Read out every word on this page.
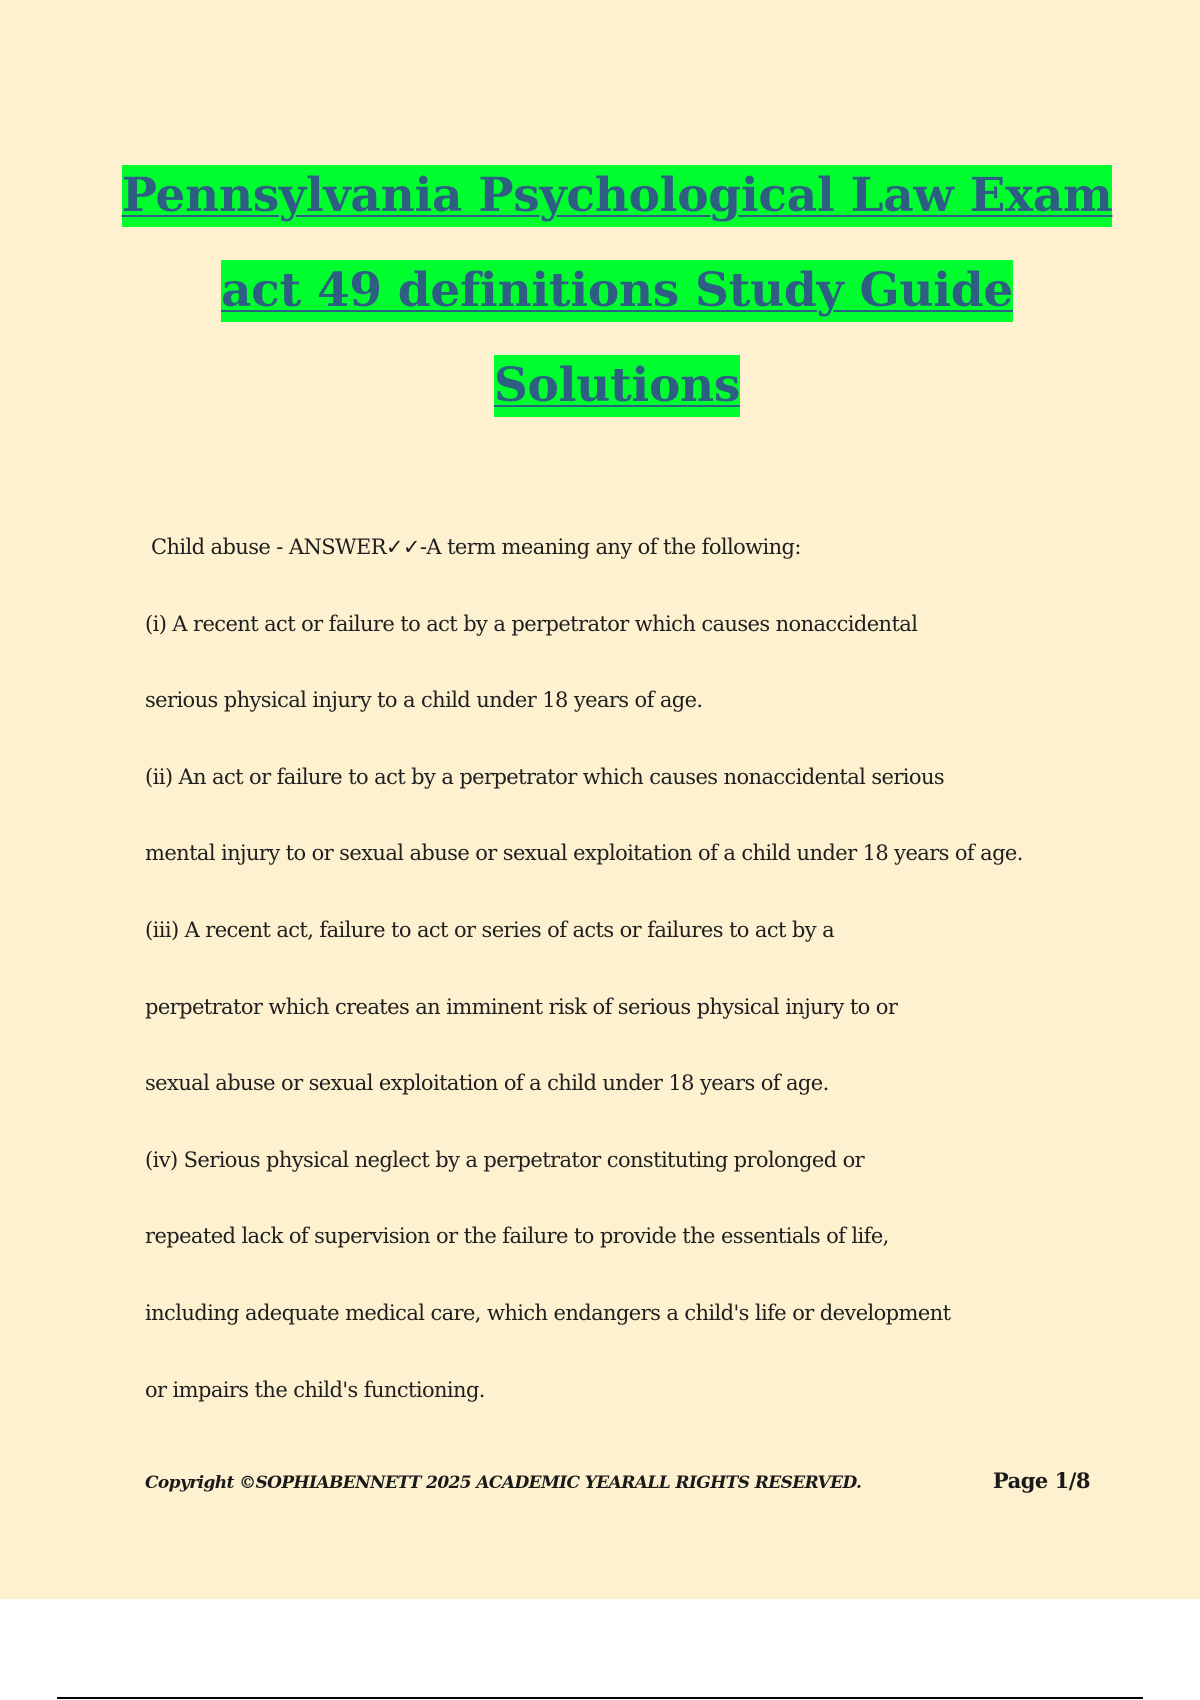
Pennsylvania Psychological Law Exam
act 49 definitions Study Guide
Solutions
Child abuse - ANSWER✓✓-A term meaning any of the following:
(i) A recent act or failure to act by a perpetrator which causes nonaccidental
serious physical injury to a child under 18 years of age.
(ii) An act or failure to act by a perpetrator which causes nonaccidental serious
mental injury to or sexual abuse or sexual exploitation of a child under 18 years of age.
(iii) A recent act, failure to act or series of acts or failures to act by a
perpetrator which creates an imminent risk of serious physical injury to or
sexual abuse or sexual exploitation of a child under 18 years of age.
(iv) Serious physical neglect by a perpetrator constituting prolonged or
repeated lack of supervision or the failure to provide the essentials of life,
including adequate medical care, which endangers a child's life or development
or impairs the child's functioning.
Copyright ©SOPHIABENNETT 2025 ACADEMIC YEARALL RIGHTS RESERVED.	Page 1/8
